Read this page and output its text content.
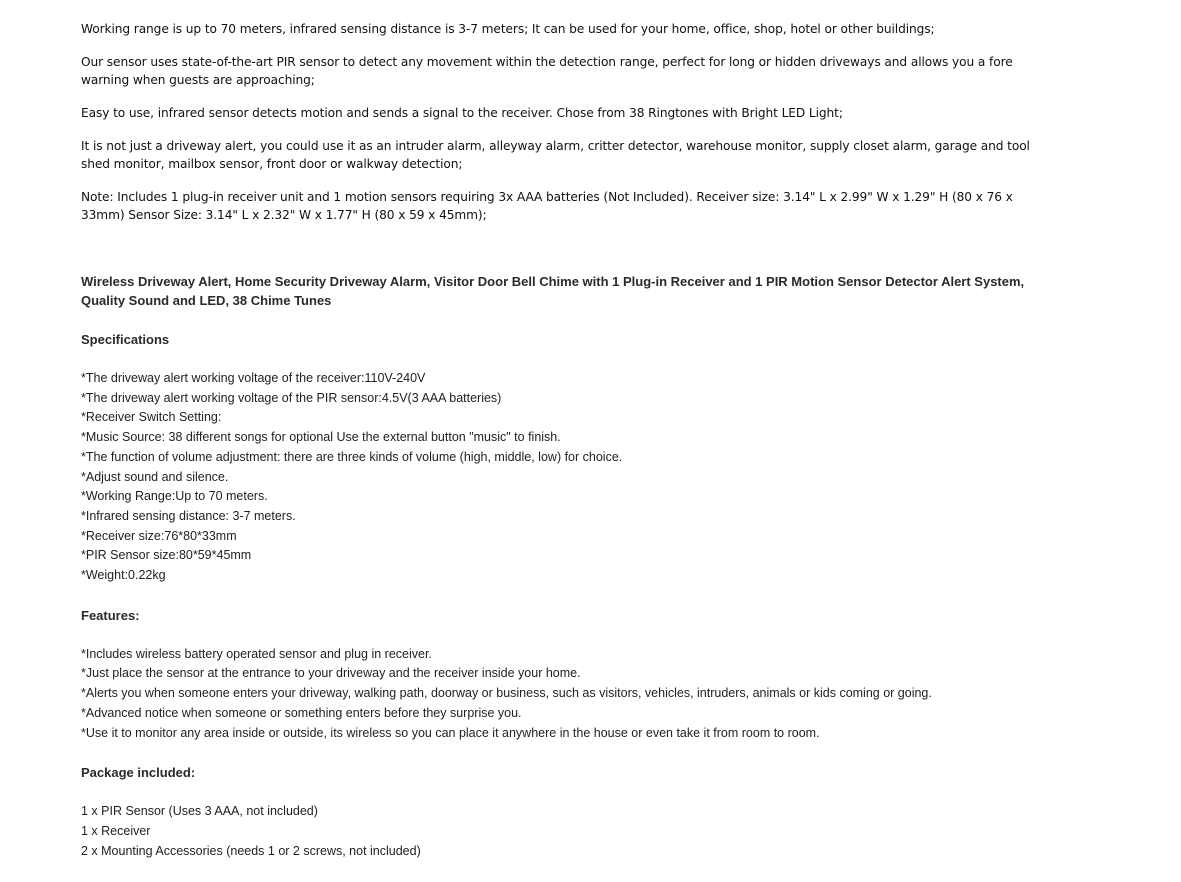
Working range is up to 70 meters, infrared sensing distance is 3-7 meters; It can be used for your home, office, shop, hotel or other buildings;

Our sensor uses state-of-the-art PIR sensor to detect any movement within the detection range, perfect for long or hidden driveways and allows you a fore warning when guests are approaching;

Easy to use, infrared sensor detects motion and sends a signal to the receiver. Chose from 38 Ringtones with Bright LED Light;

It is not just a driveway alert, you could use it as an intruder alarm, alleyway alarm, critter detector, warehouse monitor, supply closet alarm, garage and tool shed monitor, mailbox sensor, front door or walkway detection;

Note: Includes 1 plug-in receiver unit and 1 motion sensors requiring 3x AAA batteries (Not Included). Receiver size: 3.14" L x 2.99" W x 1.29" H (80 x 76 x 33mm) Sensor Size: 3.14" L x 2.32" W x 1.77" H (80 x 59 x 45mm);

Wireless Driveway Alert, Home Security Driveway Alarm, Visitor Door Bell Chime with 1 Plug-in Receiver and 1 PIR Motion Sensor Detector Alert System, Quality Sound and LED, 38 Chime Tunes
Specifications
*The driveway alert working voltage of the receiver:110V-240V
*The driveway alert working voltage of the PIR sensor:4.5V(3 AAA batteries)
*Receiver Switch Setting:
*Music Source: 38 different songs for optional Use the external button "music" to finish.
*The function of volume adjustment: there are three kinds of volume (high, middle, low) for choice.
*Adjust sound and silence.
*Working Range:Up to 70 meters.
*Infrared sensing distance: 3-7 meters.
*Receiver size:76*80*33mm
*PIR Sensor size:80*59*45mm
*Weight:0.22kg
Features:
*Includes wireless battery operated sensor and plug in receiver.
*Just place the sensor at the entrance to your driveway and the receiver inside your home.
*Alerts you when someone enters your driveway, walking path, doorway or business, such as visitors, vehicles, intruders, animals or kids coming or going.
*Advanced notice when someone or something enters before they surprise you.
*Use it to monitor any area inside or outside, its wireless so you can place it anywhere in the house or even take it from room to room.
Package included:
1 x PIR Sensor (Uses 3 AAA, not included)
1 x Receiver
2 x Mounting Accessories (needs 1 or 2 screws, not included)
